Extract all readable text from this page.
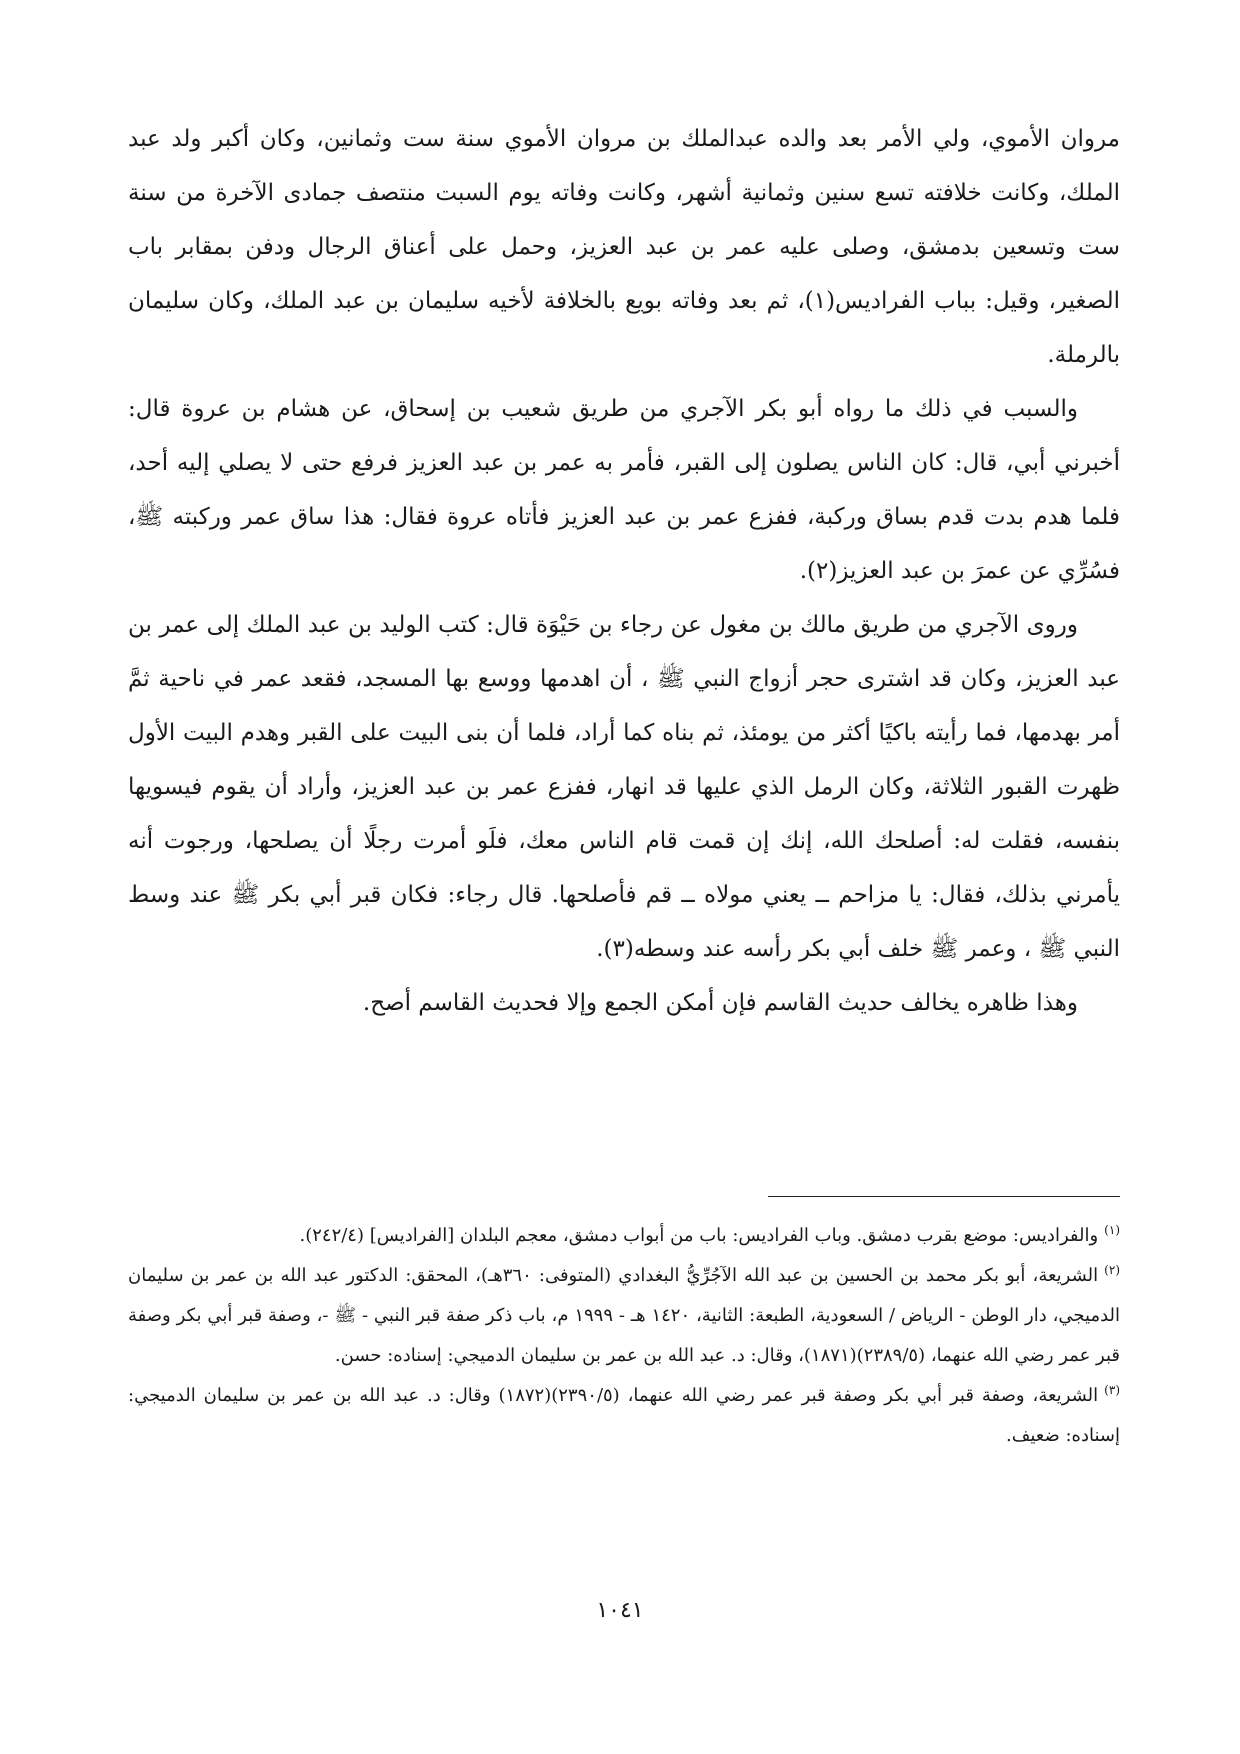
مروان الأموي، ولي الأمر بعد والده عبدالملك بن مروان الأموي سنة ست وثمانين، وكان أكبر ولد عبد الملك، وكانت خلافته تسع سنين وثمانية أشهر، وكانت وفاته يوم السبت منتصف جمادى الآخرة من سنة ست وتسعين بدمشق، وصلى عليه عمر بن عبد العزيز، وحمل على أعناق الرجال ودفن بمقابر باب الصغير، وقيل: بباب الفراديس(١)، ثم بعد وفاته بويع بالخلافة لأخيه سليمان بن عبد الملك، وكان سليمان بالرملة.

والسبب في ذلك ما رواه أبو بكر الآجري من طريق شعيب بن إسحاق، عن هشام بن عروة قال: أخبرني أبي، قال: كان الناس يصلون إلى القبر، فأمر به عمر بن عبد العزيز فرفع حتى لا يصلي إليه أحد، فلما هدم بدت قدم بساق وركبة، ففزع عمر بن عبد العزيز فأتاه عروة فقال: هذا ساق عمر وركبته ﷺ، فسُرِّي عن عمرَ بن عبد العزيز(٢).

وروى الآجري من طريق مالك بن مغول عن رجاء بن حَيْوَة قال: كتب الوليد بن عبد الملك إلى عمر بن عبد العزيز، وكان قد اشترى حجر أزواج النبي ﷺ ، أن اهدمها ووسع بها المسجد، فقعد عمر في ناحية ثمَّ أمر بهدمها، فما رأيته باكيًا أكثر من يومئذ، ثم بناه كما أراد، فلما أن بنى البيت على القبر وهدم البيت الأول ظهرت القبور الثلاثة، وكان الرمل الذي عليها قد انهار، ففزع عمر بن عبد العزيز، وأراد أن يقوم فيسويها بنفسه، فقلت له: أصلحك الله، إنك إن قمت قام الناس معك، فلَو أمرت رجلًا أن يصلحها، ورجوت أنه يأمرني بذلك، فقال: يا مزاحم ــ يعني مولاه ــ قم فأصلحها. قال رجاء: فكان قبر أبي بكر ﷺ عند وسط النبي ﷺ ، وعمر ﷺ خلف أبي بكر رأسه عند وسطه(٣).

وهذا ظاهره يخالف حديث القاسم فإن أمكن الجمع وإلا فحديث القاسم أصح.

$^{(١)}$والفراديس: موضع بقرب دمشق. وباب الفراديس: باب من أبواب دمشق، معجم البلدان [الفراديس] (٢٤٢/٤).

$^{(٢)}$الشريعة، أبو بكر محمد بن الحسين بن عبد الله الآجُرِّيُّ البغدادي (المتوفى: ٣٦٠هـ)، المحقق: الدكتور عبد الله بن عمر بن سليمان الدميجي، دار الوطن - الرياض / السعودية، الطبعة: الثانية، ١٤٢٠ هـ - ١٩٩٩ م، باب ذكر صفة قبر النبي - ﷺ -، وصفة قبر أبي بكر وصفة قبر عمر رضي الله عنهما، (٢٣٨٩/٥)(١٨٧١)، وقال: د. عبد الله بن عمر بن سليمان الدميجي: إسناده: حسن.

$^{(٣)}$الشريعة، وصفة قبر أبي بكر وصفة قبر عمر رضي الله عنهما، (٢٣٩٠/٥)(١٨٧٢) وقال: د. عبد الله بن عمر بن سليمان الدميجي: إسناده: ضعيف.

١٠٤١
